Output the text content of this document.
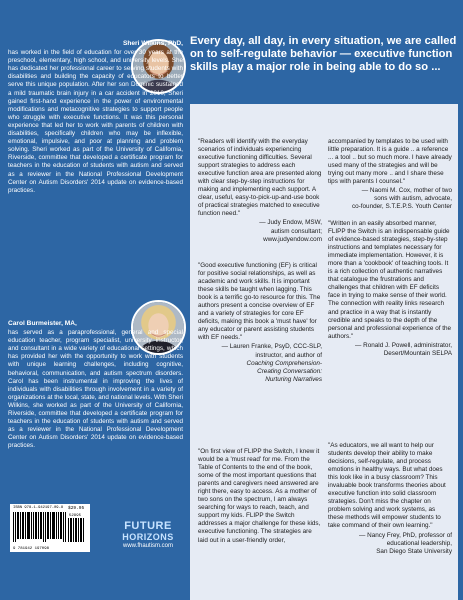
Sheri Wilkins, PhD,

has worked in the field of education for over 30 years at the preschool, elementary, high school, and university levels. She has dedicated her professional career to serving students with disabilities and building the capacity of educators to better serve this unique population. After her son Dominic sustained a mild traumatic brain injury in a car accident in 2010, Sheri gained first-hand experience in the power of environmental modifications and metacognitive strategies to support people who struggle with executive functions. It was this personal experience that led her to work with parents of children with disabilities, specifically children who may be inflexible, emotional, impulsive, and poor at planning and problem solving. Sheri worked as part of the University of California, Riverside, committee that developed a certificate program for teachers in the education of students with autism and served as a reviewer in the National Professional Development Center on Autism Disorders' 2014 update on evidence-based practices.

Carol Burmeister, MA,

has served as a paraprofessional, general and special education teacher, program specialist, university instructor, and consultant in a wide variety of educational settings, which has provided her with the opportunity to work with students with unique learning challenges, including cognitive, behavioral, communication, and autism spectrum disorders. Carol has been instrumental in improving the lives of individuals with disabilities through involvement in a variety of organizations at the local, state, and national levels. With Sheri Wilkins, she worked as part of the University of California, Riverside, committee that developed a certificate program for teachers in the education of students with autism and served as a reviewer in the National Professional Development Center on Autism Disorders' 2014 update on evidence-based practices.

ISBN 978-1-942197-09-8 $29.95
52995
9 781942 197098
FUTURE
HORIZONS
www.fhautism.com
Every day, all day, in every situation, we are called on to self-regulate behavior — executive function skills play a major role in being able to do so ...

"Readers will identify with the everyday scenarios of individuals experiencing executive functioning difficulties. Several support strategies to address each executive function area are presented along with clear step-by-step instructions for making and implementing each support. A clear, useful, easy-to-pick-up-and-use book of practical strategies matched to executive function need."

— Judy Endow, MSW,
autism consultant;
www.judyendow.com

accompanied by templates to be used with little preparation. It is a guide .. a reference ... a tool .. but so much more. I have already used many of the strategies and will be trying out many more .. and I share these tips with parents I counsel."

— Naomi M. Cox, mother of two
sons with autism, advocate,
co-founder, S.T.E.P.S. Youth Center

"Good executive functioning (EF) is critical for positive social relationships, as well as academic and work skills. It is important these skills be taught when lagging. This book is a terrific go-to resource for this. The authors present a concise overview of EF and a variety of strategies for core EF deficits, making this book a 'must have' for any educator or parent assisting students with EF needs."

— Lauren Franke, PsyD, CCC-SLP,
instructor, and author of
Coaching Comprehension-
Creating Conversation:
Nurturing Narratives

"Written in an easily absorbed manner, FLIPP the Switch is an indispensable guide of evidence-based strategies, step-by-step instructions and templates necessary for immediate implementation. However, it is more than a 'cookbook' of teaching tools. It is a rich collection of authentic narratives that catalogue the frustrations and challenges that children with EF deficits face in trying to make sense of their world. The connection with reality links research and practice in a way that is instantly credible and speaks to the depth of the personal and professional experience of the authors."

— Ronald J. Powell, administrator,
Desert/Mountain SELPA

"On first view of FLIPP the Switch, I knew it would be a 'must read' for me. From the Table of Contents to the end of the book, some of the most important questions that parents and caregivers need answered are right there, easy to access. As a mother of two sons on the spectrum, I am always searching for ways to reach, teach, and support my kids. FLIPP the Switch addresses a major challenge for these kids, executive functioning. The strategies are laid out in a user-friendly order,

"As educators, we all want to help our students develop their ability to make decisions, self-regulate, and process emotions in healthy ways. But what does this look like in a busy classroom? This invaluable book transforms theories about executive function into solid classroom strategies. Don't miss the chapter on problem solving and work systems, as these methods will empower students to take command of their own learning."

— Nancy Frey, PhD, professor of
educational leadership,
San Diego State University
